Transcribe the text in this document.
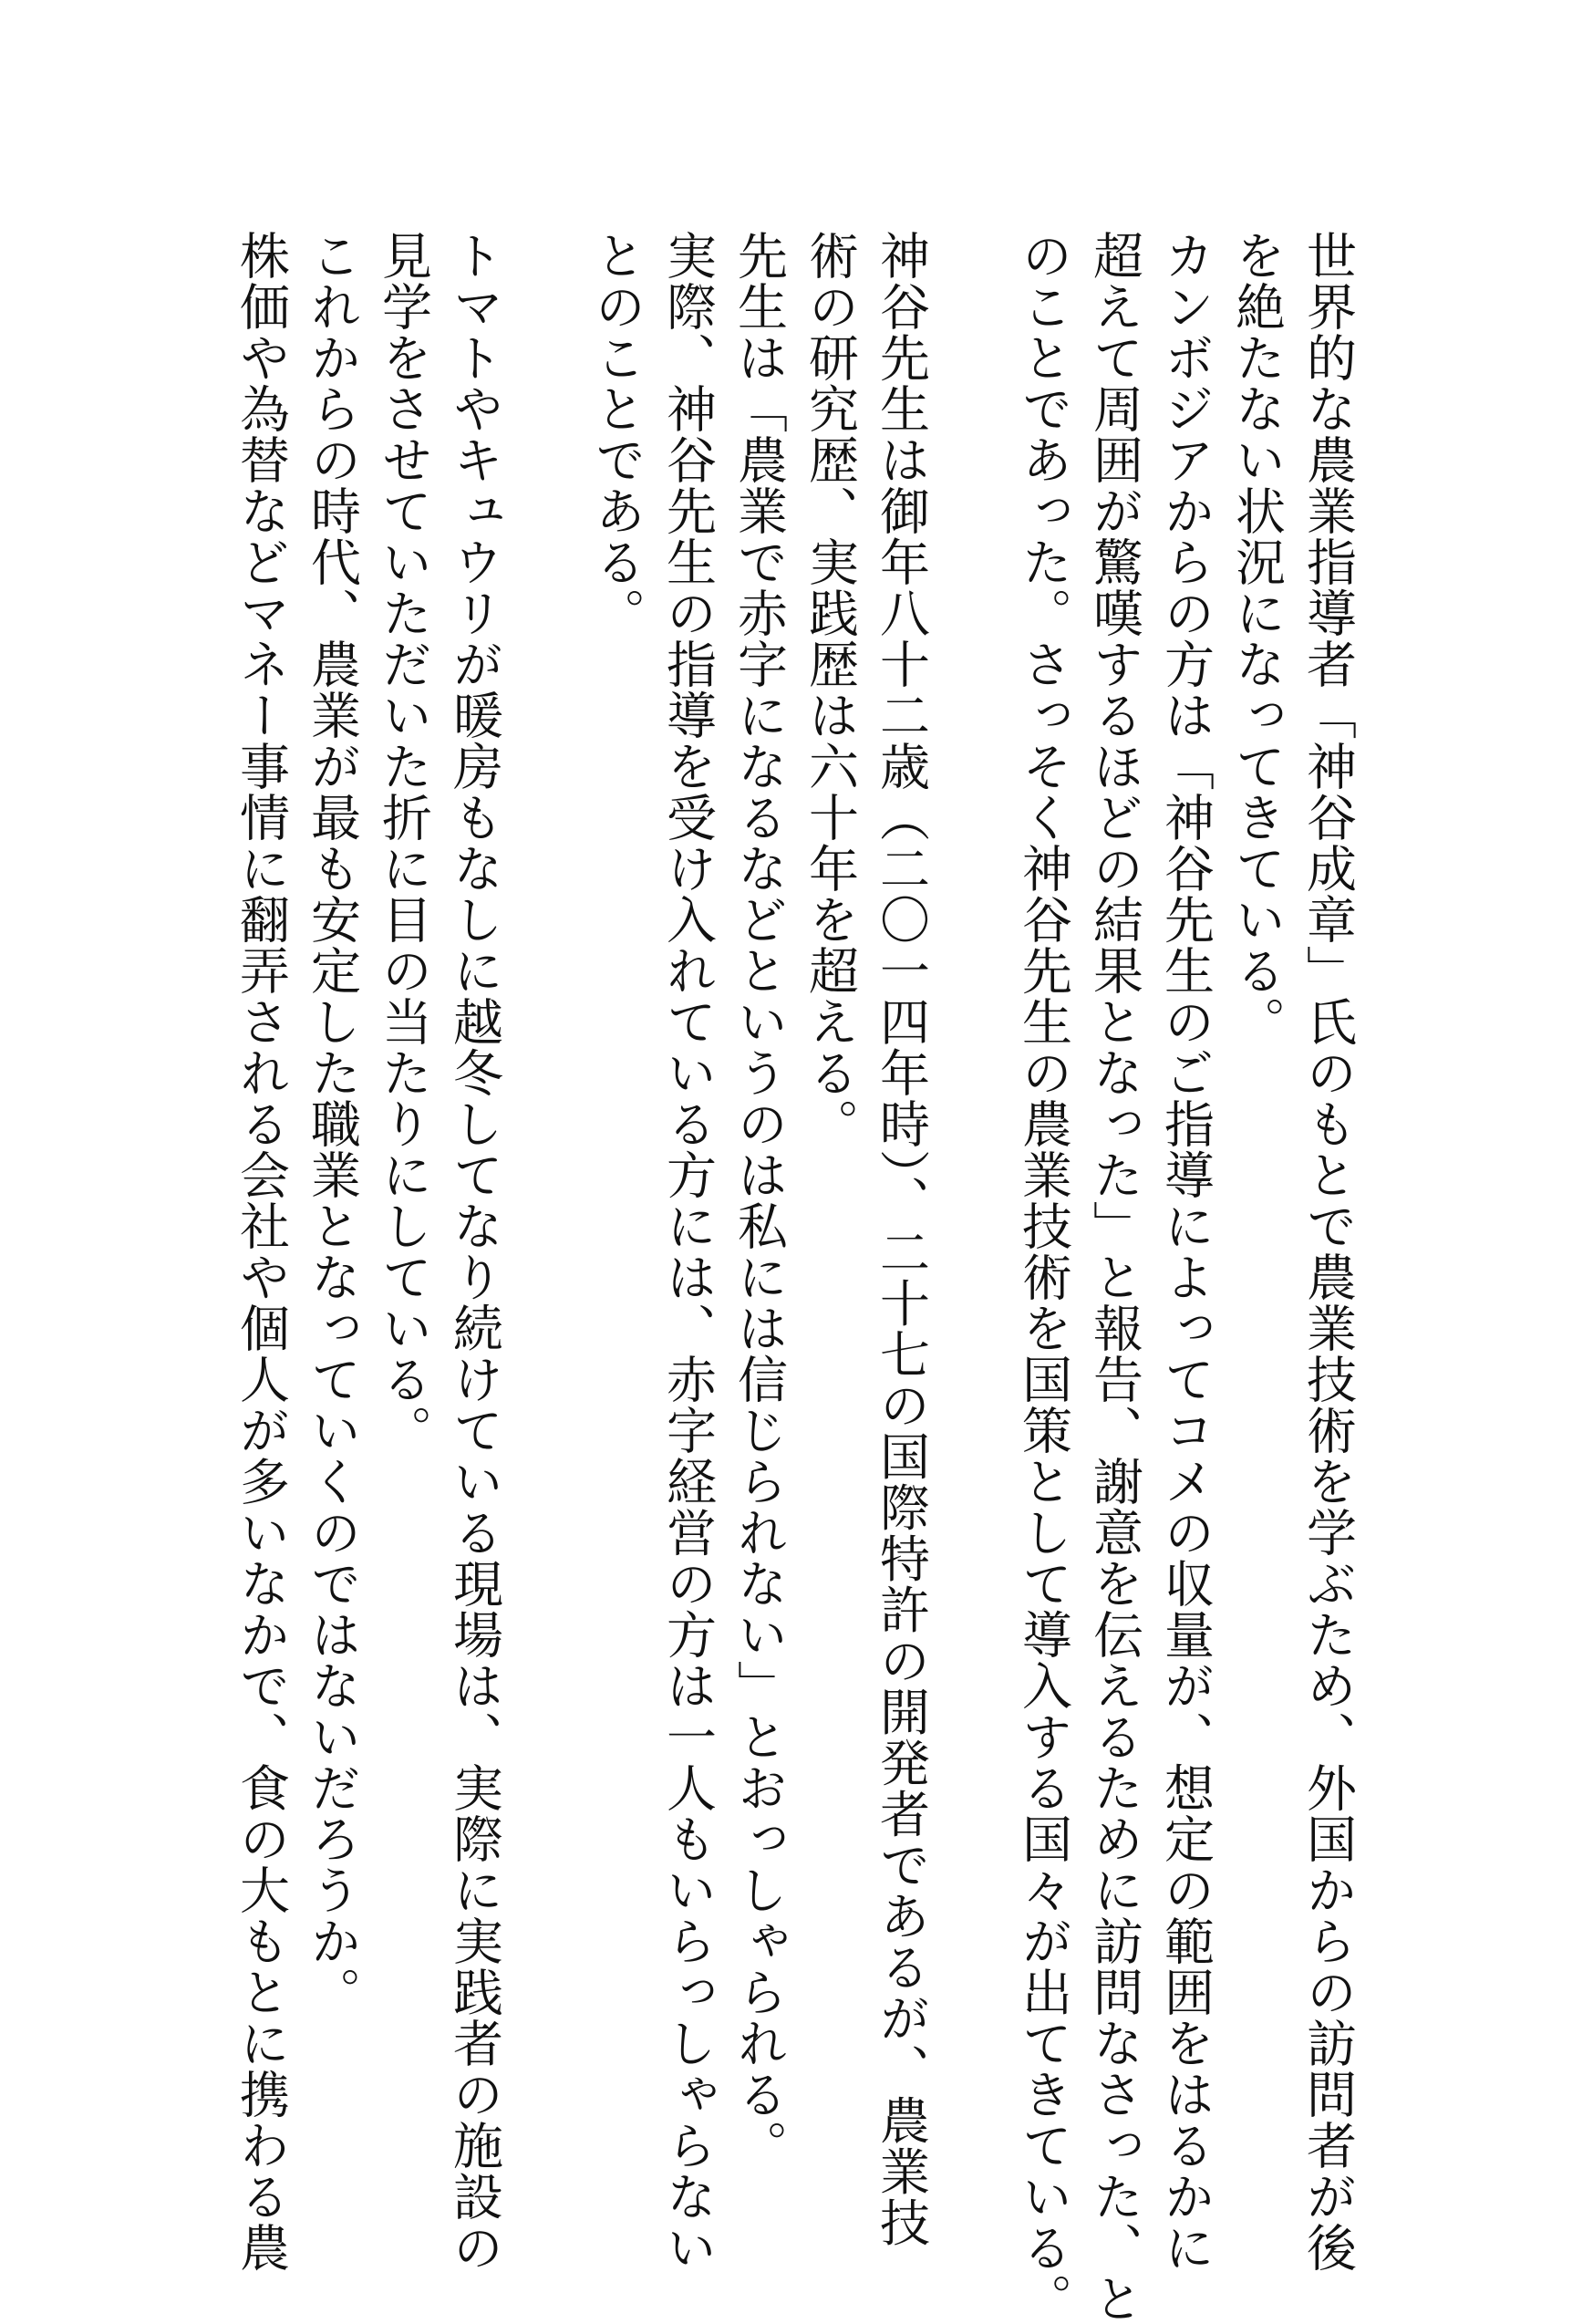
世界的な農業指導者「神谷成章」氏のもとで農業技術を学ぶため、外国からの訪問者が後
を絶たない状況になってきている。
カンボジアからの方は「神谷先生のご指導によってコメの収量が、想定の範囲をはるかに
超えて周囲が驚嘆するほどの結果となった」と報告、謝意を伝えるために訪問なさった、と
のことであった。さっそく神谷先生の農業技術を国策として導入する国々が出てきている。
神谷先生は御年八十二歳（二〇一四年時）、二十七の国際特許の開発者であるが、農業技
術の研究歴、実践歴は六十年を超える。
先生は「農業で赤字になるなどというのは私には信じられない」とおっしゃられる。
実際、神谷先生の指導を受け入れている方には、赤字経営の方は一人もいらっしゃらない
とのことである。
トマトやキュウリが暖房もなしに越冬してなり続けている現場は、実際に実践者の施設の
見学をさせていただいた折に目の当たりにしている。
これからの時代、農業が最も安定した職業となっていくのではないだろうか。
株価や為替などマネー事情に翻弄される会社や個人が多いなかで、食の大もとに携わる農
